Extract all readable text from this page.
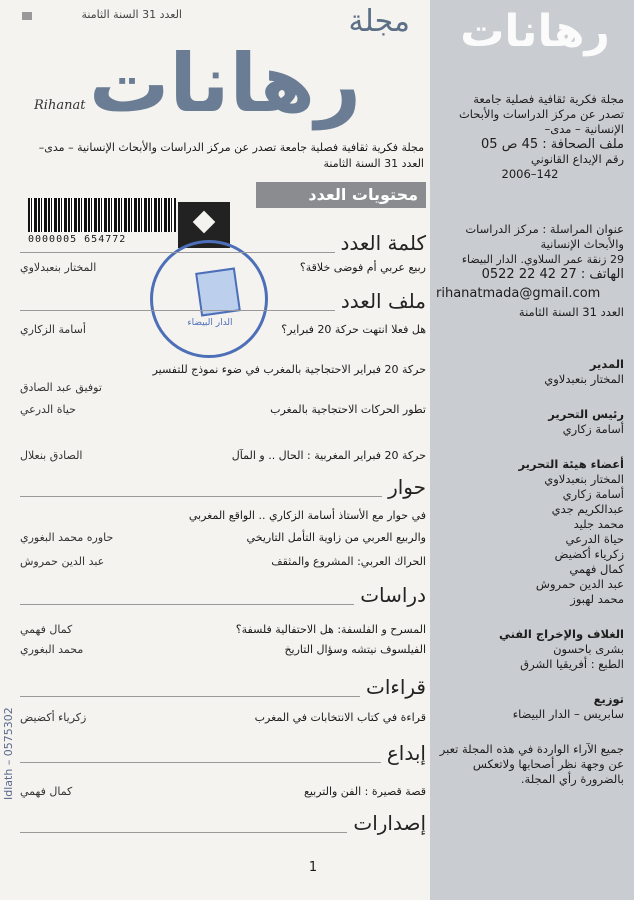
رهانات
مجلة فكرية ثقافية فصلية جامعة
تصدر عن مركز الدراسات والأبحاث
الإنسانية – مدى–
ملف الصحافة : 45 ص 05
رقم الإيداع القانوني
142–2006
عنوان المراسلة : مركز الدراسات
والأبحاث الإنسانية
29 زنقة عمر السلاوي. الدار البيضاء
الهاتف : 27 42 22 0522
rihanatmada@gmail.com
العدد 31 السنة الثامنة
المدير
المختار بنعبدلاوي
رئيس التحرير
أسامة زكاري
أعضاء هيئة التحرير
المختار بنعبدلاوي
أسامة زكاري
عبدالكريم جدي
محمد جليد
حياة الدرعي
زكرياء أكضيض
كمال فهمي
عبد الدين حمروش
محمد لهبوز
الغلاف والإخراج الفني
بشرى باحسون
الطبع : أفريقيا الشرق
توزيع
سابريس – الدار البيضاء
جميع الآراء الواردة في هذه المجلة تعبر
عن وجهة نظر أصحابها ولاتعكس
بالضرورة رأي المجلة.
العدد 31 السنة الثامنة	مجلة
رهانات
Rihanat
مجلة فكرية ثقافية فصلية جامعة تصدر عن مركز الدراسات والأبحاث الإنسانية – مدى–
العدد 31 السنة الثامنة
محتويات العدد
0000005 654772
الدار البيضاء
كلمة العدد
ربيع عربي أم فوضى خلاقة؟
المختار بنعبدلاوي
ملف العدد
هل فعلا انتهت حركة 20 فبراير؟
أسامة الزكاري
حركة 20 فبراير الاحتجاجية بالمغرب في ضوء نموذج للتفسير
توفيق عبد الصادق
تطور الحركات الاحتجاجية بالمغرب
حياة الدرعي
حركة 20 فبراير المغربية : الحال .. و المآل
الصادق بنعلال
حوار
في حوار مع الأستاذ أسامة الزكاري .. الواقع المغربي
والربيع العربي من زاوية التأمل التاريخي
حاوره محمد البغوري
الحراك العربي: المشروع والمثقف
عبد الدين حمروش
دراسات
المسرح و الفلسفة: هل الاحتفالية فلسفة؟
كمال فهمي
الفيلسوف نيتشه وسؤال التاريخ
محمد البغوري
قراءات
قراءة في كتاب الانتخابات في المغرب
زكرياء أكضيض
إبداع
قصة قصيرة : الفن والتربيع
كمال فهمي
إصدارات
1
Idlath – 0575302
